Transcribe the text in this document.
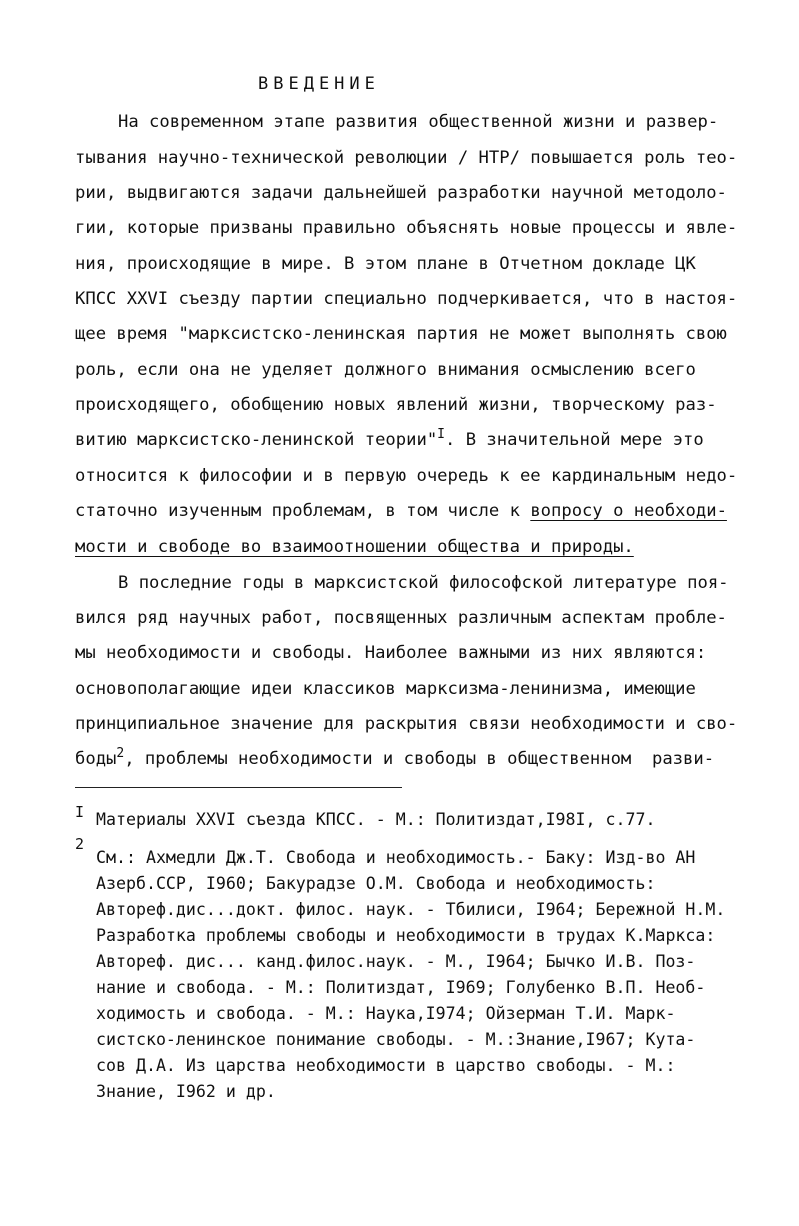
ВВЕДЕНИЕ
На современном этапе развития общественной жизни и развер-
тывания научно-технической революции / НТР/ повышается роль тео-
рии, выдвигаются задачи дальнейшей разработки научной методоло-
гии, которые призваны правильно объяснять новые процессы и явле-
ния, происходящие в мире. В этом плане в Отчетном докладе ЦК
КПСС XXVI съезду партии специально подчеркивается, что в настоя-
щее время "марксистско-ленинская партия не может выполнять свою
роль, если она не уделяет должного внимания осмыслению всего
происходящего, обобщению новых явлений жизни, творческому раз-
витию марксистско-ленинской теории"$^I$. В значительной мере это
относится к философии и в первую очередь к ее кардинальным недо-
статочно изученным проблемам, в том числе к вопросу о необходи-
мости и свободе во взаимоотношении общества и природы.
В последние годы в марксистской философской литературе поя-
вился ряд научных работ, посвященных различным аспектам пробле-
мы необходимости и свободы. Наиболее важными из них являются:
основополагающие идеи классиков марксизма-ленинизма, имеющие
принципиальное значение для раскрытия связи необходимости и сво-
боды$^2$, проблемы необходимости и свободы в общественном  разви-
I Материалы XXVI съезда КПСС. - М.: Политиздат,I98I, с.77.
2
См.: Ахмедли Дж.Т. Свобода и необходимость.- Баку: Изд-во АН
Азерб.ССР, I960; Бакурадзе О.М. Свобода и необходимость:
Автореф.дис...докт. филос. наук. - Тбилиси, I964; Бережной Н.М.
Разработка проблемы свободы и необходимости в трудах К.Маркса:
Автореф. дис... канд.филос.наук. - М., I964; Бычко И.В. Поз-
нание и свобода. - М.: Политиздат, I969; Голубенко В.П. Необ-
ходимость и свобода. - М.: Наука,I974; Ойзерман Т.И. Марк-
систско-ленинское понимание свободы. - М.:Знание,I967; Кута-
сов Д.А. Из царства необходимости в царство свободы. - М.:
Знание, I962 и др.
